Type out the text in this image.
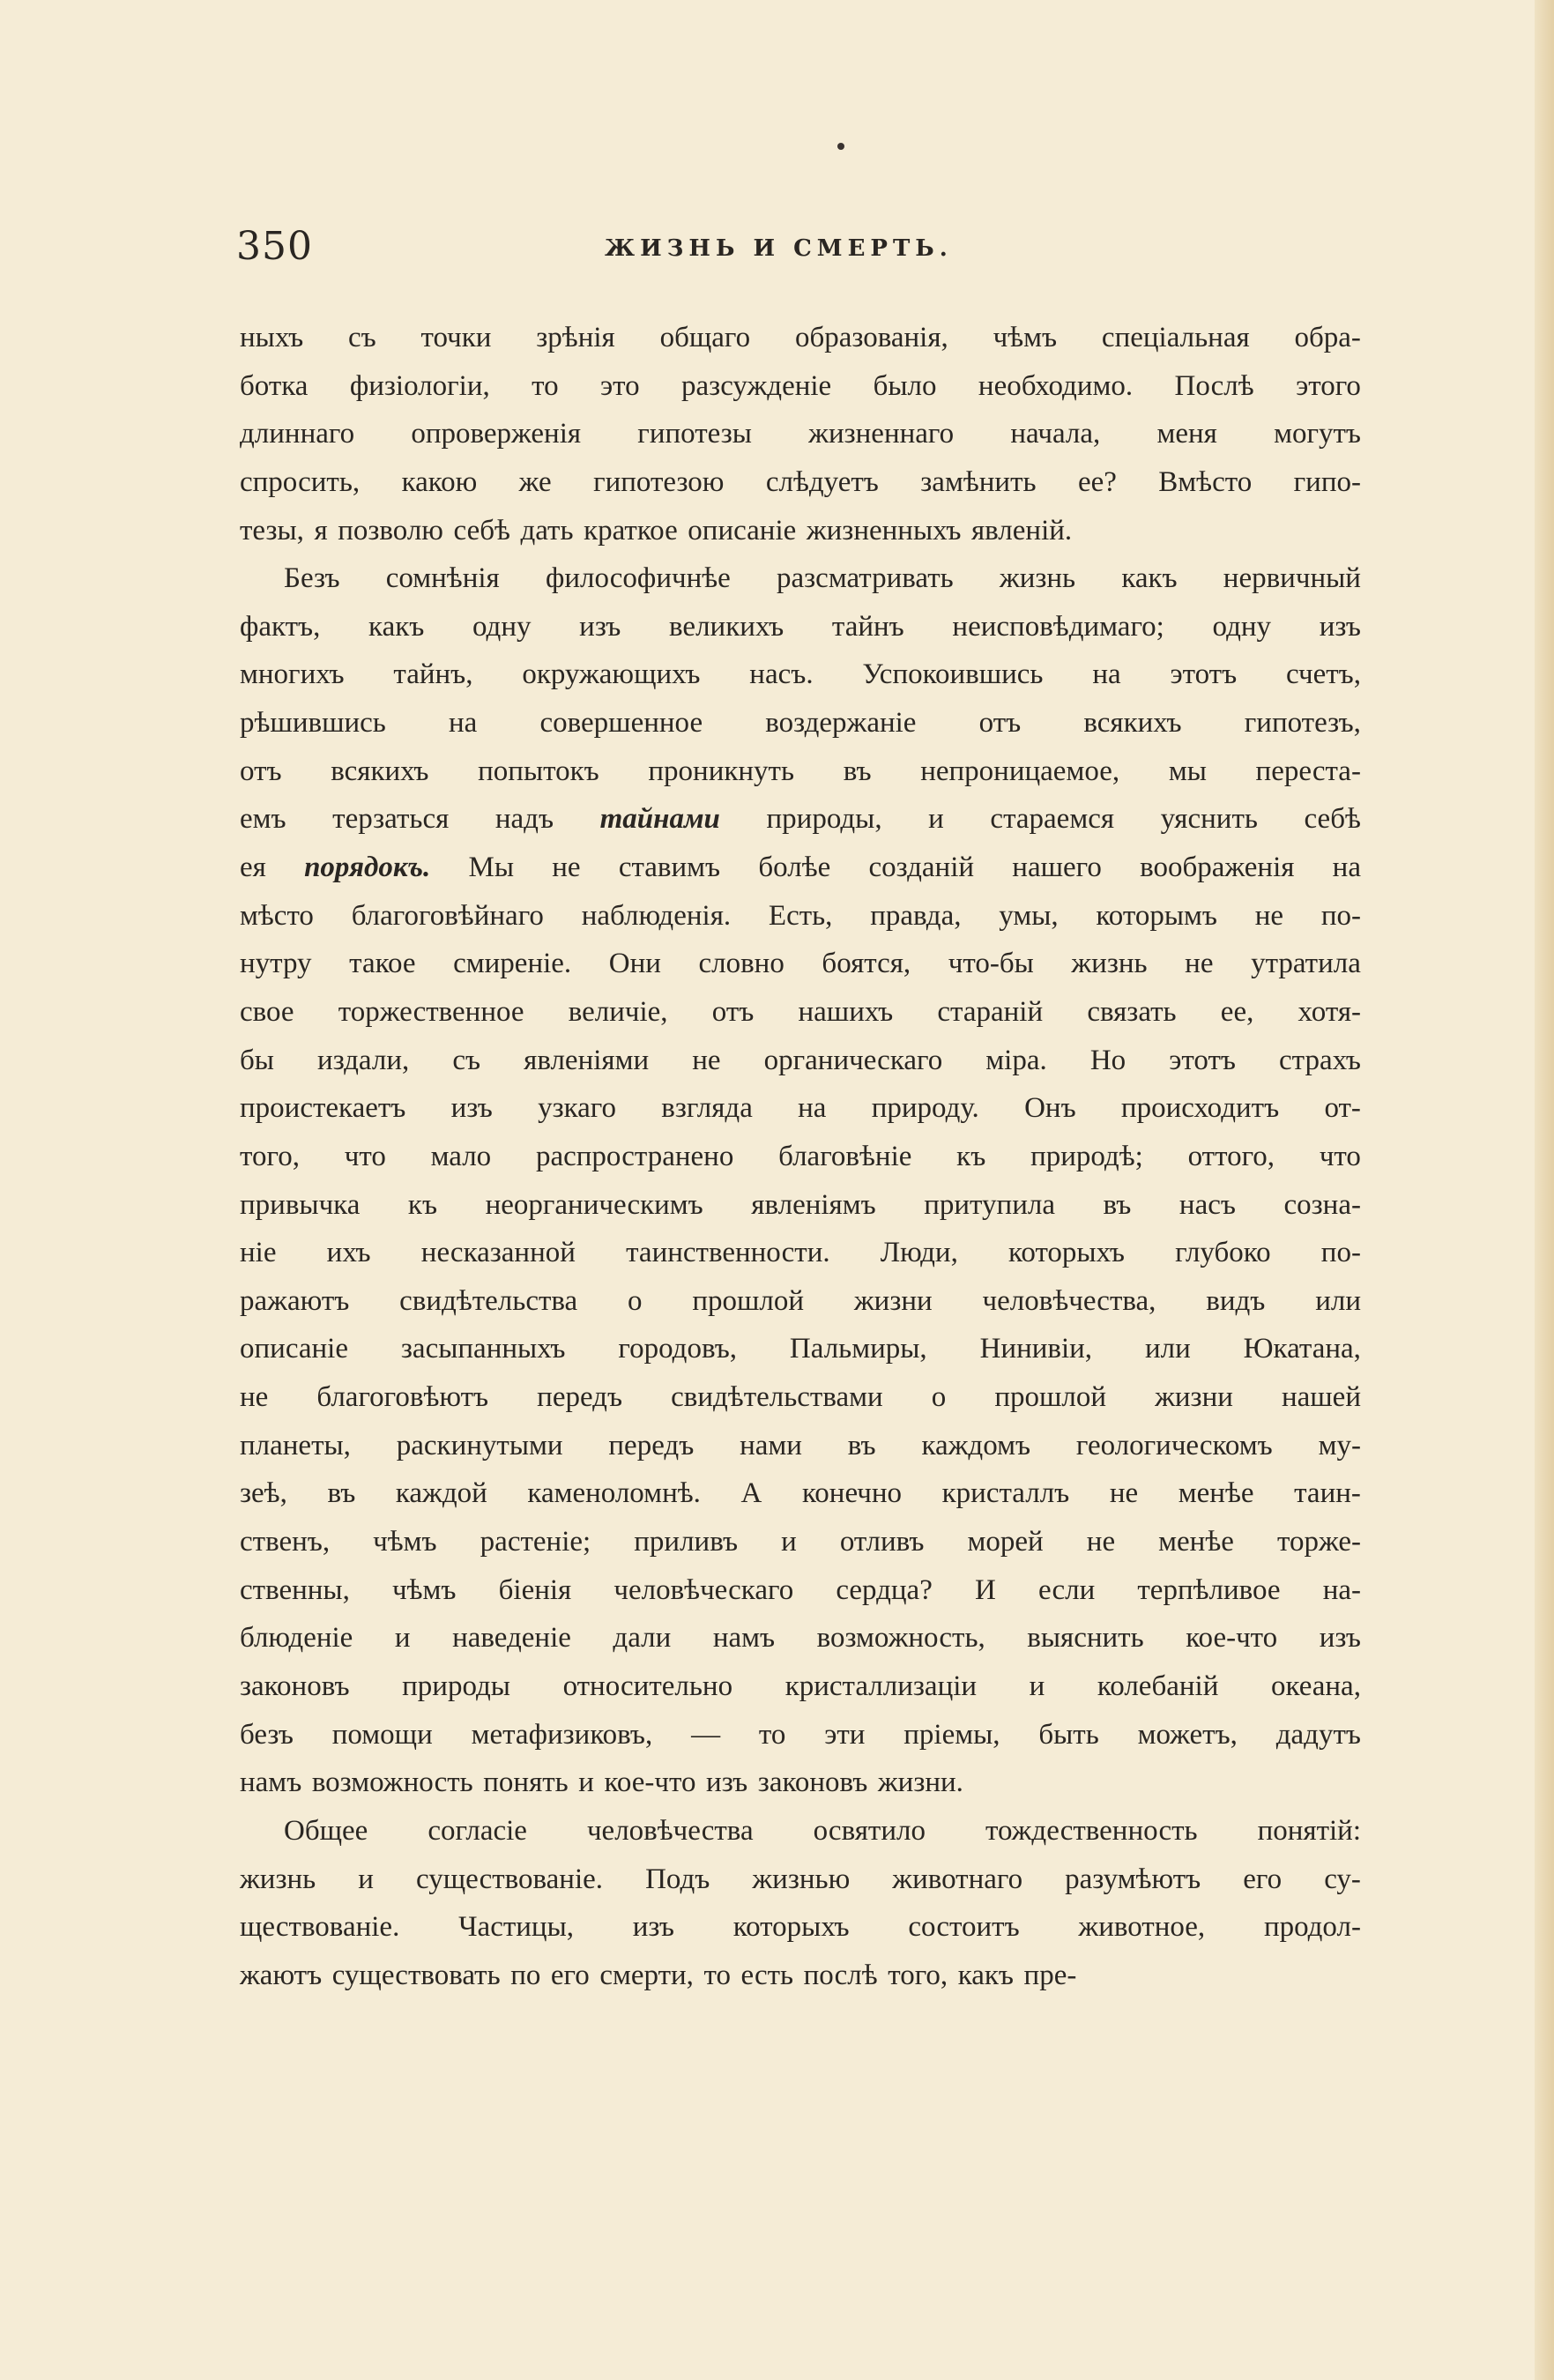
350	ЖИЗНЬ И СМЕРТЬ.
ныхъ съ точки зрѣнія общаго образованія, чѣмъ спеціальная обра-
ботка физіологіи, то это разсужденіе было необходимо. Послѣ этого
длиннаго опроверженія гипотезы жизненнаго начала, меня могутъ
спросить, какою же гипотезою слѣдуетъ замѣнить ее? Вмѣсто гипо-
тезы, я позволю себѣ дать краткое описаніе жизненныхъ явленій.
Безъ сомнѣнія философичнѣе разсматривать жизнь какъ нервичный
фактъ, какъ одну изъ великихъ тайнъ неисповѣдимаго; одну изъ
многихъ тайнъ, окружающихъ насъ. Успокоившись на этотъ счетъ,
рѣшившись на совершенное воздержаніе отъ всякихъ гипотезъ,
отъ всякихъ попытокъ проникнуть въ непроницаемое, мы переста-
емъ терзаться надъ тайнами природы, и стараемся уяснить себѣ
ея порядокъ. Мы не ставимъ болѣе созданій нашего воображенія на
мѣсто благоговѣйнаго наблюденія. Есть, правда, умы, которымъ не по-
нутру такое смиреніе. Они словно боятся, что-бы жизнь не утратила
свое торжественное величіе, отъ нашихъ стараній связать ее, хотя-
бы издали, съ явленіями не органическаго міра. Но этотъ страхъ
проистекаетъ изъ узкаго взгляда на природу. Онъ происходитъ от-
того, что мало распространено благовѣніе къ природѣ; оттого, что
привычка къ неорганическимъ явленіямъ притупила въ насъ созна-
ніе ихъ несказанной таинственности. Люди, которыхъ глубоко по-
ражаютъ свидѣтельства о прошлой жизни человѣчества, видъ или
описаніе засыпанныхъ городовъ, Пальмиры, Нинивіи, или Юкатана,
не благоговѣютъ передъ свидѣтельствами о прошлой жизни нашей
планеты, раскинутыми передъ нами въ каждомъ геологическомъ му-
зеѣ, въ каждой каменоломнѣ. А конечно кристаллъ не менѣе таин-
ственъ, чѣмъ растеніе; приливъ и отливъ морей не менѣе торже-
ственны, чѣмъ біенія человѣческаго сердца? И если терпѣливое на-
блюденіе и наведеніе дали намъ возможность, выяснить кое-что изъ
законовъ природы относительно кристаллизаціи и колебаній океана,
безъ помощи метафизиковъ, — то эти пріемы, быть можетъ, дадутъ
намъ возможность понять и кое-что изъ законовъ жизни.
Общее согласіе человѣчества освятило тождественность понятій:
жизнь и существованіе. Подъ жизнью животнаго разумѣютъ его су-
ществованіе. Частицы, изъ которыхъ состоитъ животное, продол-
жаютъ существовать по его смерти, то есть послѣ того, какъ пре-
